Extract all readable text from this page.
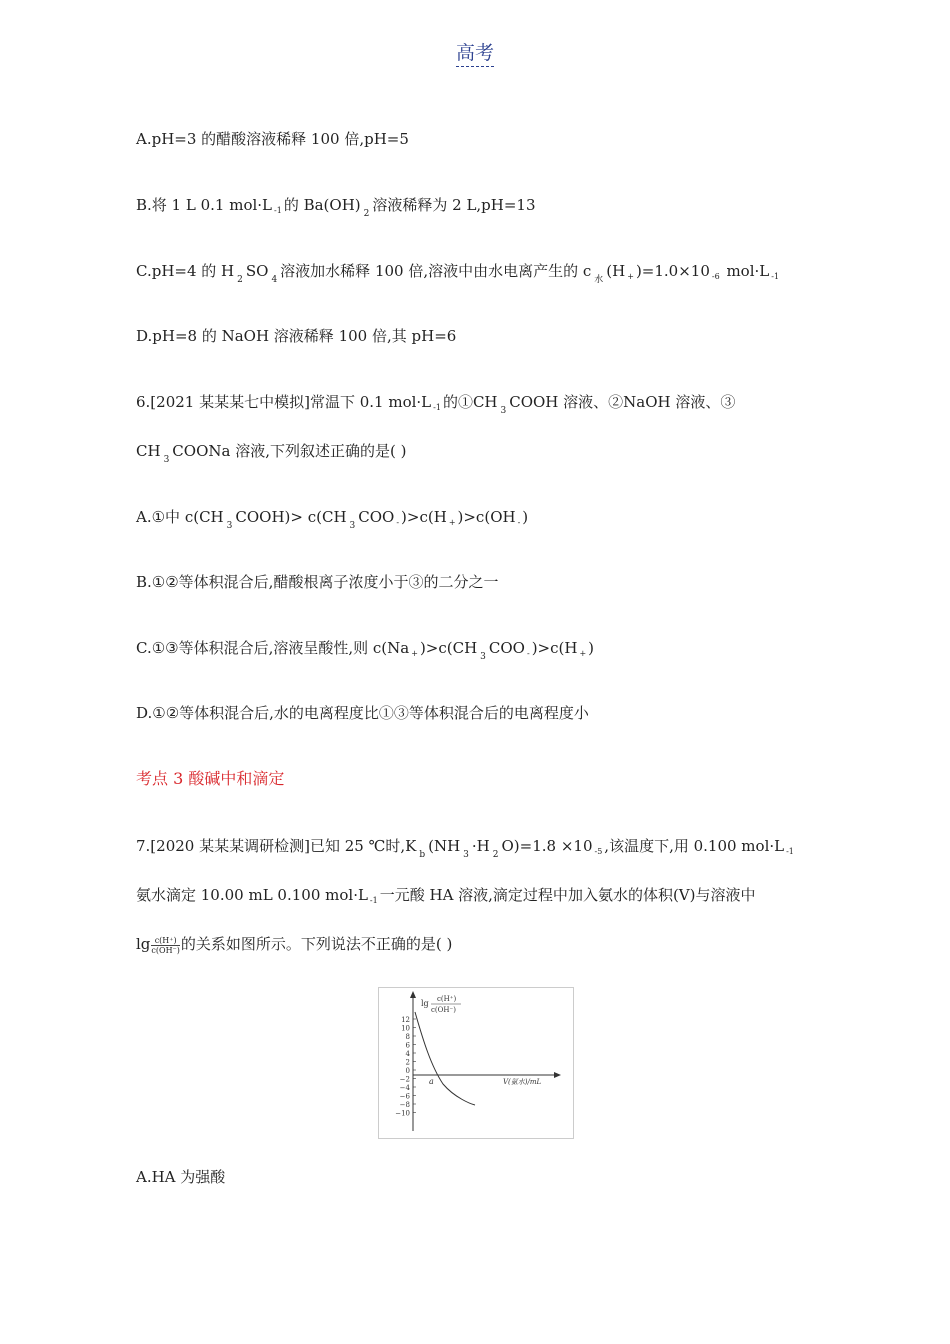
高考
A.pH=3 的醋酸溶液稀释 100 倍,pH=5
B.将 1 L 0.1 mol·L $_{-1}$ 的 Ba(OH) $_2$ 溶液稀释为 2 L,pH=13
C.pH=4 的 H $_2$ SO $_4$ 溶液加水稀释 100 倍,溶液中由水电离产生的 c $_水$ (H $_+$ )=1.0×10 $_{-6}$ mol·L $_{-1}$
D.pH=8 的 NaOH 溶液稀释 100 倍,其 pH=6
6.[2021 某某某七中模拟]常温下 0.1 mol·L $_{-1}$ 的①CH $_3$ COOH 溶液、②NaOH 溶液、③
CH $_3$ COONa 溶液,下列叙述正确的是( )
A.①中 c(CH $_3$ COOH)> c(CH $_3$ COO $_-$ )>c(H $_+$ )>c(OH $_-$ )
B.①②等体积混合后,醋酸根离子浓度小于③的二分之一
C.①③等体积混合后,溶液呈酸性,则 c(Na $_+$ )>c(CH $_3$ COO $_-$ )>c(H $_+$ )
D.①②等体积混合后,水的电离程度比①③等体积混合后的电离程度小
考点 3 酸碱中和滴定
7.[2020 某某某调研检测]已知 25 ℃时,K $_b$ (NH $_3$ ·H $_2$ O)=1.8 ×10 $_{-5}$ ,该温度下,用 0.100 mol·L $_{-1}$
氨水滴定 10.00 mL 0.100 mol·L $_{-1}$ 一元酸 HA 溶液,滴定过程中加入氨水的体积(V)与溶液中
$\lg \frac{c(H^+)}{c(OH^-)}$ 的关系如图所示。下列说法不正确的是( )
lg c(H⁺)
c(OH⁻)
12
10
8
6
4
2
0
−2
−4
−6
−8
−10
a	V(氨水)/mL
A.HA 为强酸
